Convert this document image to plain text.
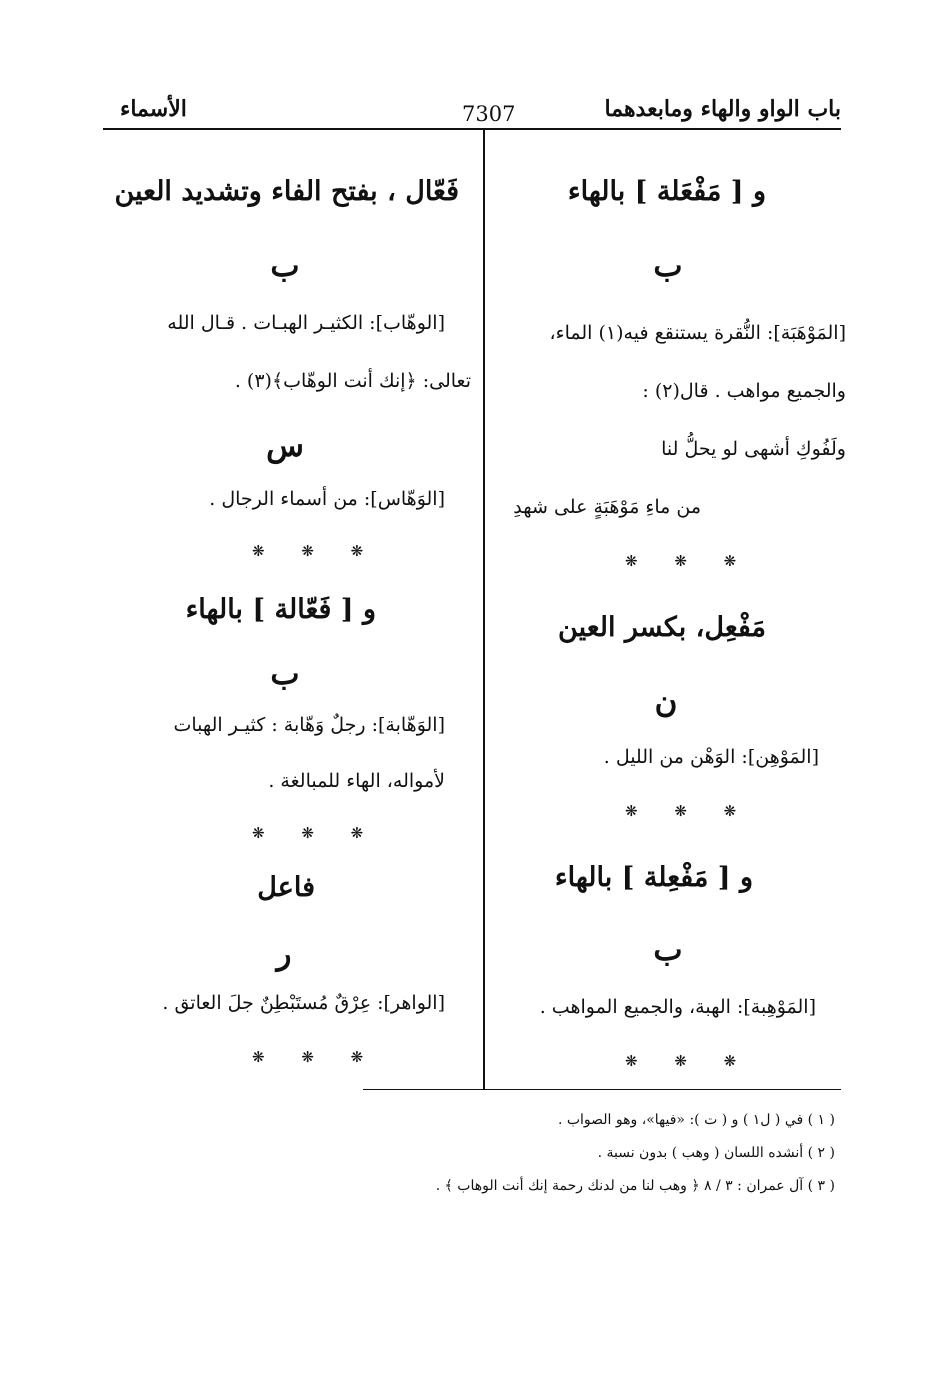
باب الواو والهاء ومابعدهما
7307
الأسماء
و [ مَفْعَلة ] بالهاء
ب
[المَوْهَبَة]: النُّقرة يستنقع فيه(١) الماء،
والجميع مواهب . قال(٢) :
ولَفُوكِ أشهى لو يحلُّ لنا
من ماءِ مَوْهَبَةٍ على شهدِ
❋ ❋ ❋
مَفْعِل، بكسر العين
ن
[المَوْهِن]: الوَهْن من الليل .
❋ ❋ ❋
و [ مَفْعِلة ] بالهاء
ب
[المَوْهِبة]: الهبة، والجميع المواهب .
❋ ❋ ❋
فَعّال ، بفتح الفاء وتشديد العين
ب
[الوهّاب]: الكثيـر الهبـات . قـال الله
تعالى: ﴿إنك أنت الوهّاب﴾(٣) .
س
[الوَهّاس]: من أسماء الرجال .
❋ ❋ ❋
و [ فَعّالة ] بالهاء
ب
[الوَهّابة]: رجلٌ وَهّابة : كثيـر الهبات
لأمواله، الهاء للمبالغة .
❋ ❋ ❋
فاعل
ر
[الواهر]: عِرْقٌ مُستَبْطِنٌ جلَ العاتق .
❋ ❋ ❋
( ١ ) في ( ل١ ) و ( ت ): «فيها»، وهو الصواب .
( ٢ ) أنشده اللسان ( وهب ) بدون نسبة .
( ٣ ) آل عمران : ٣ / ٨ ﴿ وهب لنا من لدنك رحمة إنك أنت الوهاب ﴾ .
